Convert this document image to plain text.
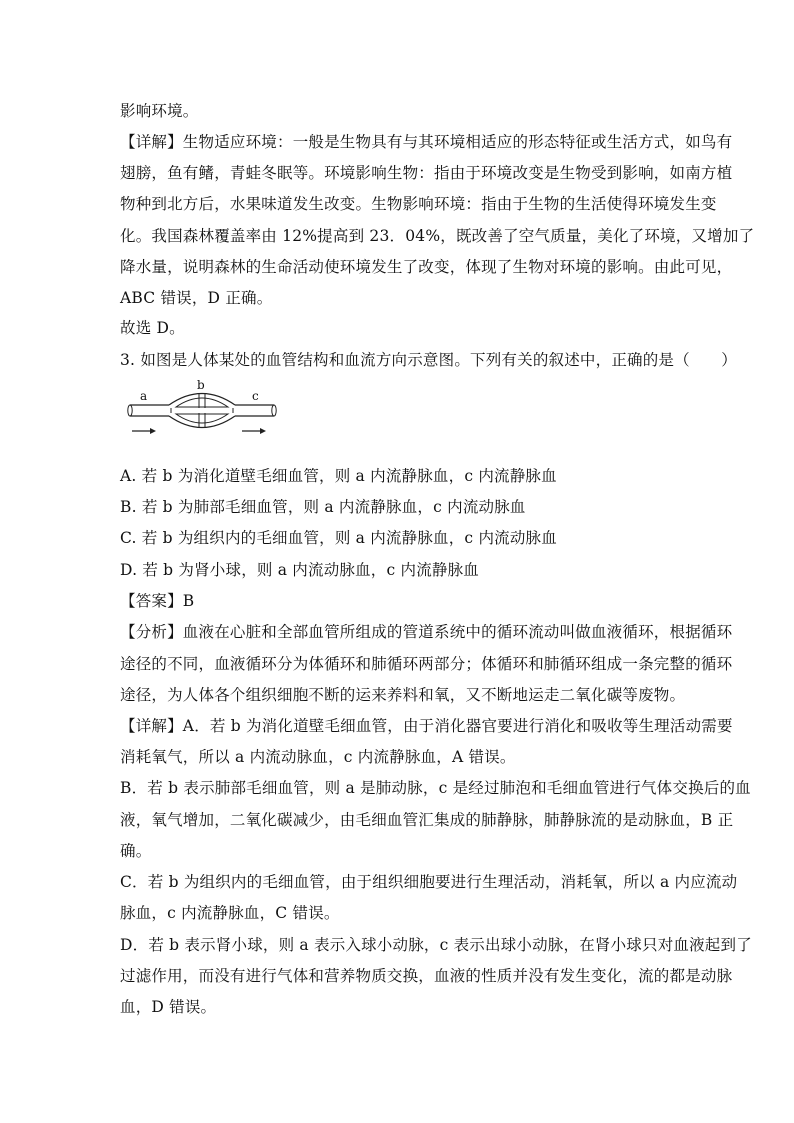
影响环境。
【详解】生物适应环境：一般是生物具有与其环境相适应的形态特征或生活方式，如鸟有
翅膀，鱼有鳍，青蛙冬眠等。环境影响生物：指由于环境改变是生物受到影响，如南方植
物种到北方后，水果味道发生改变。生物影响环境：指由于生物的生活使得环境发生变
化。我国森林覆盖率由 12%提高到 23．04%，既改善了空气质量，美化了环境，又增加了
降水量，说明森林的生命活动使环境发生了改变，体现了生物对环境的影响。由此可见，
ABC 错误，D 正确。
故选 D。
3. 如图是人体某处的血管结构和血流方向示意图。下列有关的叙述中，正确的是（　　）
a
b
c
A. 若 b 为消化道壁毛细血管，则 a 内流静脉血，c 内流静脉血
B. 若 b 为肺部毛细血管，则 a 内流静脉血，c 内流动脉血
C. 若 b 为组织内的毛细血管，则 a 内流静脉血，c 内流动脉血
D. 若 b 为肾小球，则 a 内流动脉血，c 内流静脉血
【答案】B
【分析】血液在心脏和全部血管所组成的管道系统中的循环流动叫做血液循环，根据循环
途径的不同，血液循环分为体循环和肺循环两部分；体循环和肺循环组成一条完整的循环
途径，为人体各个组织细胞不断的运来养料和氧，又不断地运走二氧化碳等废物。
【详解】A．若 b 为消化道壁毛细血管，由于消化器官要进行消化和吸收等生理活动需要
消耗氧气，所以 a 内流动脉血，c 内流静脉血，A 错误。
B．若 b 表示肺部毛细血管，则 a 是肺动脉，c 是经过肺泡和毛细血管进行气体交换后的血
液，氧气增加，二氧化碳减少，由毛细血管汇集成的肺静脉，肺静脉流的是动脉血，B 正
确。
C．若 b 为组织内的毛细血管，由于组织细胞要进行生理活动，消耗氧，所以 a 内应流动
脉血，c 内流静脉血，C 错误。
D．若 b 表示肾小球，则 a 表示入球小动脉，c 表示出球小动脉，在肾小球只对血液起到了
过滤作用，而没有进行气体和营养物质交换，血液的性质并没有发生变化，流的都是动脉
血，D 错误。
